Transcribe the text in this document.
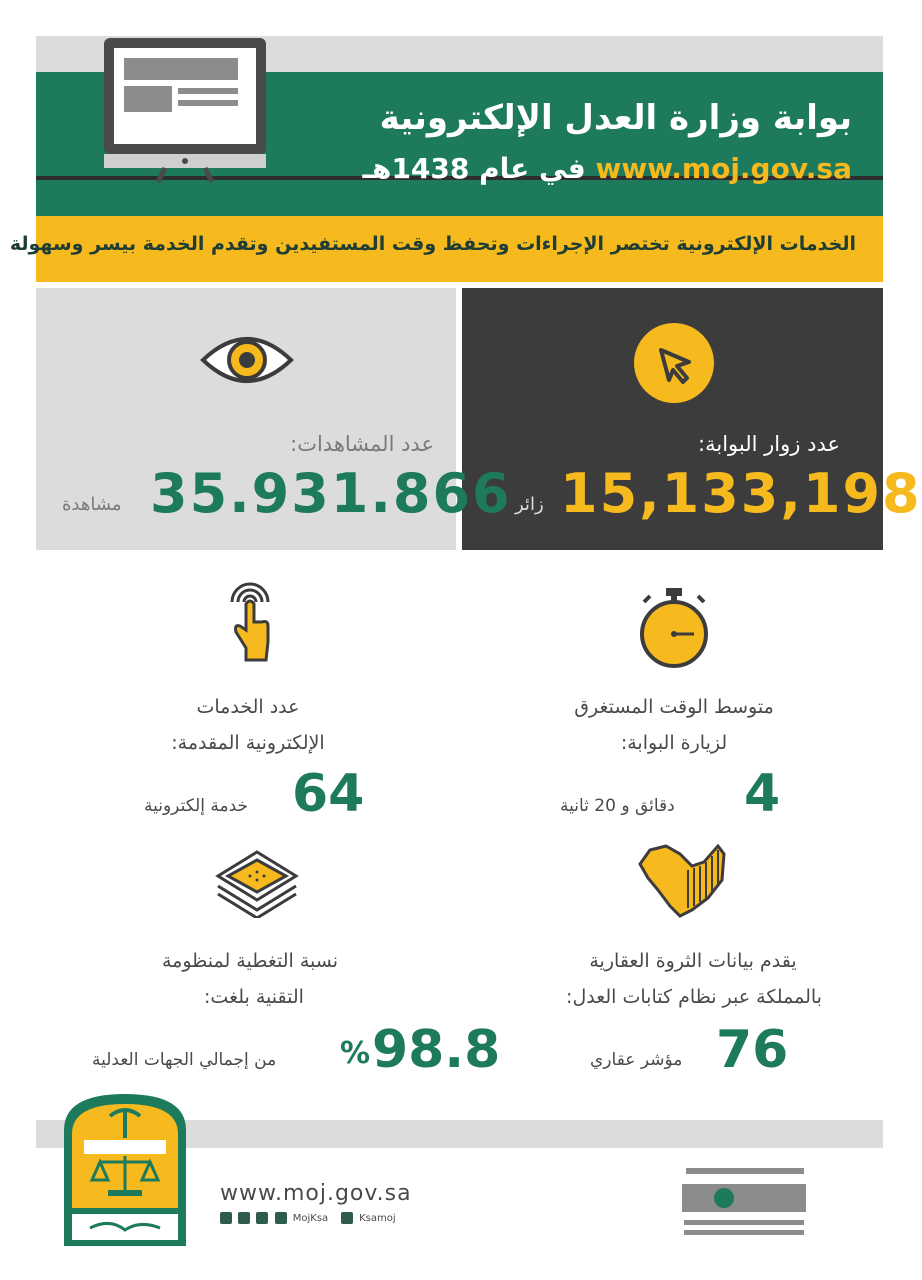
بوابة وزارة العدل الإلكترونية
www.moj.gov.sa في عام 1438هـ
الخدمات الإلكترونية تختصر الإجراءات وتحفظ وقت المستفيدين وتقدم الخدمة بيسر وسهولة
عدد المشاهدات:
35.931.866
مشاهدة
عدد زوار البوابة:
15,133,198
زائر
عدد الخدمات
الإلكترونية المقدمة:
64
خدمة إلكترونية
متوسط الوقت المستغرق
لزيارة البوابة:
4
دقائق و 20 ثانية
نسبة التغطية لمنظومة
التقنية بلغت:
98.8
%
من إجمالي الجهات العدلية
يقدم بيانات الثروة العقارية
بالمملكة عبر نظام كتابات العدل:
76
مؤشر عقاري
www.moj.gov.sa
MojKsa	Ksamoj
